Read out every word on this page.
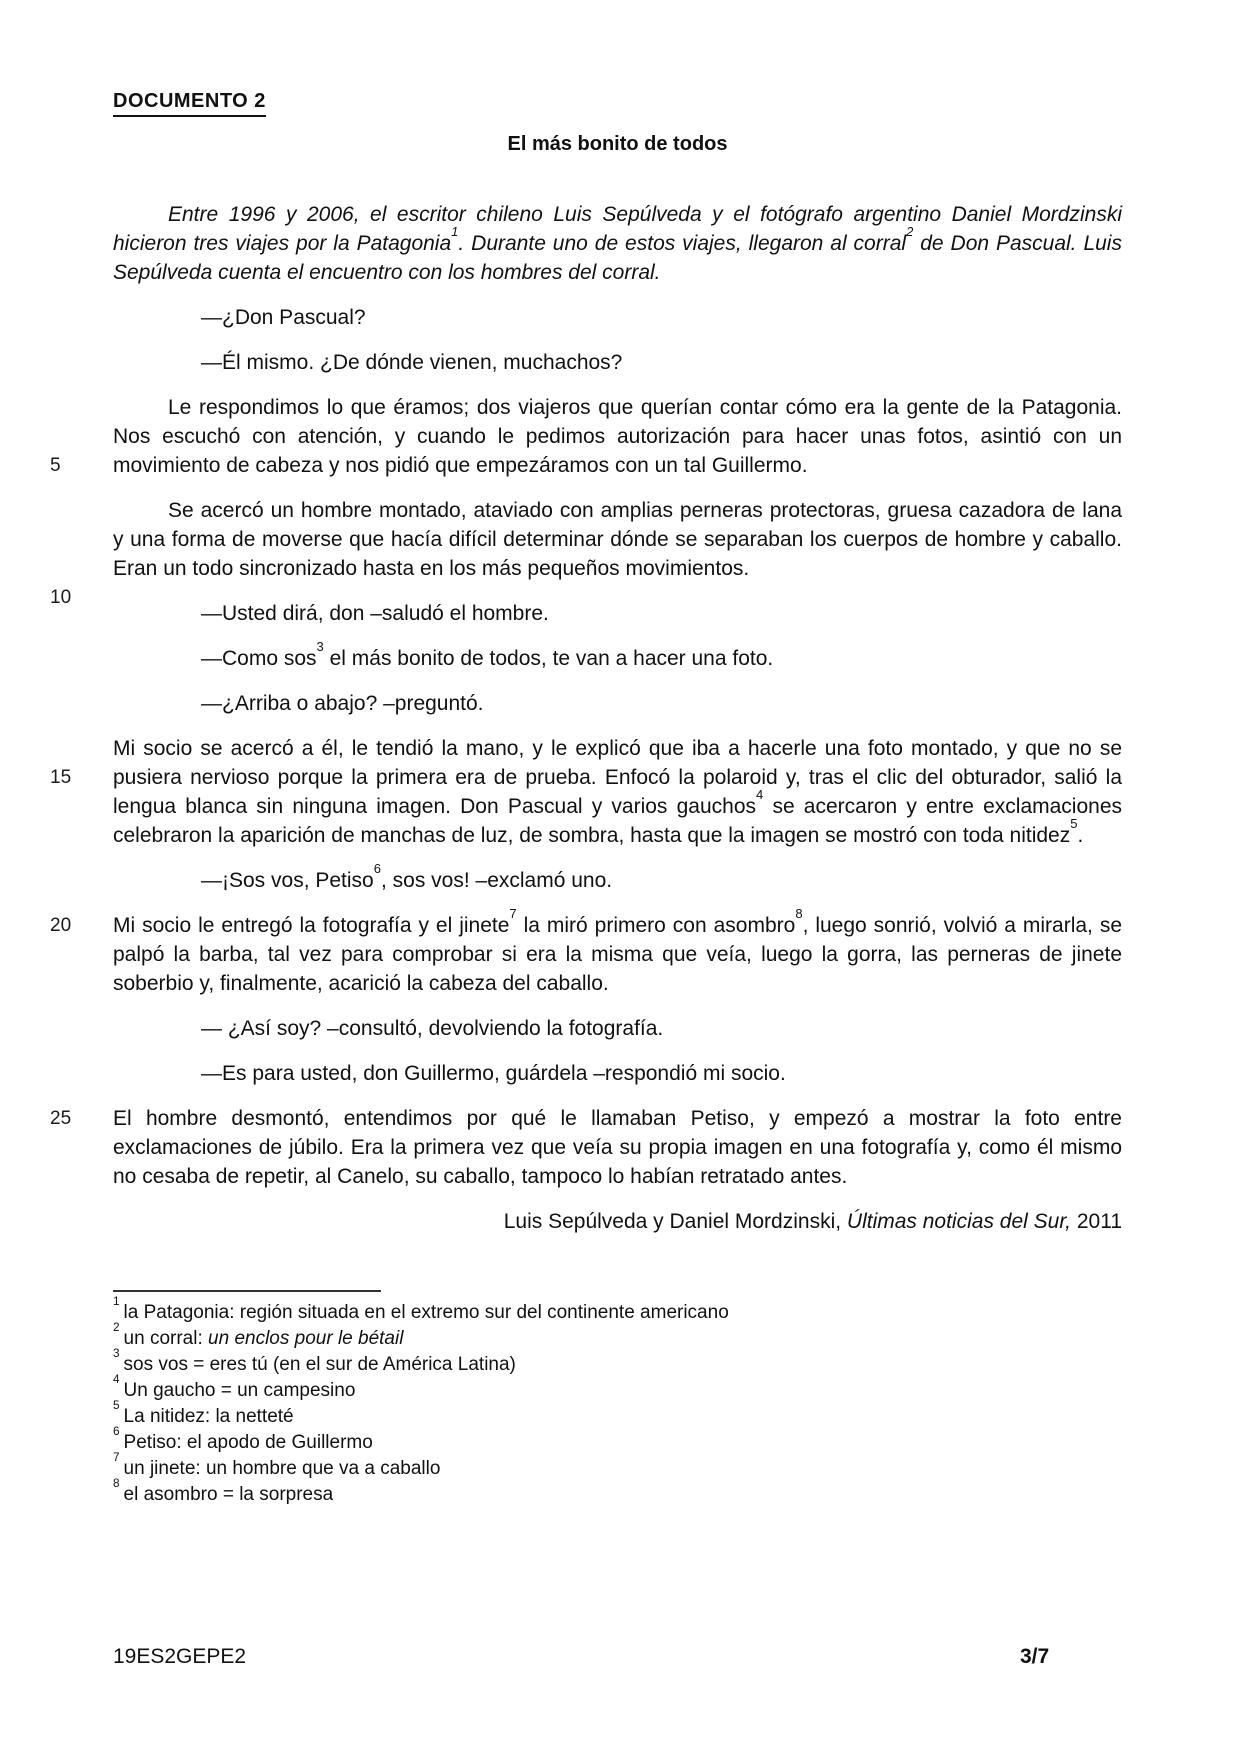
DOCUMENTO 2
El más bonito de todos
Entre 1996 y 2006, el escritor chileno Luis Sepúlveda y el fotógrafo argentino Daniel Mordzinski hicieron tres viajes por la Patagonia$^1$. Durante uno de estos viajes, llegaron al corral$^2$ de Don Pascual. Luis Sepúlveda cuenta el encuentro con los hombres del corral.

—¿Don Pascual?

—Él mismo. ¿De dónde vienen, muchachos?

5
Le respondimos lo que éramos; dos viajeros que querían contar cómo era la gente de la Patagonia. Nos escuchó con atención, y cuando le pedimos autorización para hacer unas fotos, asintió con un movimiento de cabeza y nos pidió que empezáramos con un tal Guillermo.

10
Se acercó un hombre montado, ataviado con amplias perneras protectoras, gruesa cazadora de lana y una forma de moverse que hacía difícil determinar dónde se separaban los cuerpos de hombre y caballo. Eran un todo sincronizado hasta en los más pequeños movimientos.

—Usted dirá, don –saludó el hombre.

—Como sos$^3$ el más bonito de todos, te van a hacer una foto.

—¿Arriba o abajo? –preguntó.

15
Mi socio se acercó a él, le tendió la mano, y le explicó que iba a hacerle una foto montado, y que no se pusiera nervioso porque la primera era de prueba. Enfocó la polaroid y, tras el clic del obturador, salió la lengua blanca sin ninguna imagen. Don Pascual y varios gauchos$^4$ se acercaron y entre exclamaciones celebraron la aparición de manchas de luz, de sombra, hasta que la imagen se mostró con toda nitidez$^5$.

—¡Sos vos, Petiso$^6$, sos vos! –exclamó uno.

20	Mi socio le entregó la fotografía y el jinete$^7$ la miró primero con asombro$^8$, luego sonrió, volvió a mirarla, se palpó la barba, tal vez para comprobar si era la misma que veía, luego la gorra, las perneras de jinete soberbio y, finalmente, acarició la cabeza del caballo.

— ¿Así soy? –consultó, devolviendo la fotografía.

—Es para usted, don Guillermo, guárdela –respondió mi socio.

25	El hombre desmontó, entendimos por qué le llamaban Petiso, y empezó a mostrar la foto entre exclamaciones de júbilo. Era la primera vez que veía su propia imagen en una fotografía y, como él mismo no cesaba de repetir, al Canelo, su caballo, tampoco lo habían retratado antes.

Luis Sepúlveda y Daniel Mordzinski, Últimas noticias del Sur, 2011
$^1$la Patagonia: región situada en el extremo sur del continente americano
$^2$un corral: un enclos pour le bétail
$^3$sos vos = eres tú (en el sur de América Latina)
$^4$Un gaucho = un campesino
$^5$La nitidez: la netteté
$^6$Petiso: el apodo de Guillermo
$^7$un jinete: un hombre que va a caballo
$^8$el asombro = la sorpresa
19ES2GEPE2	3/7
